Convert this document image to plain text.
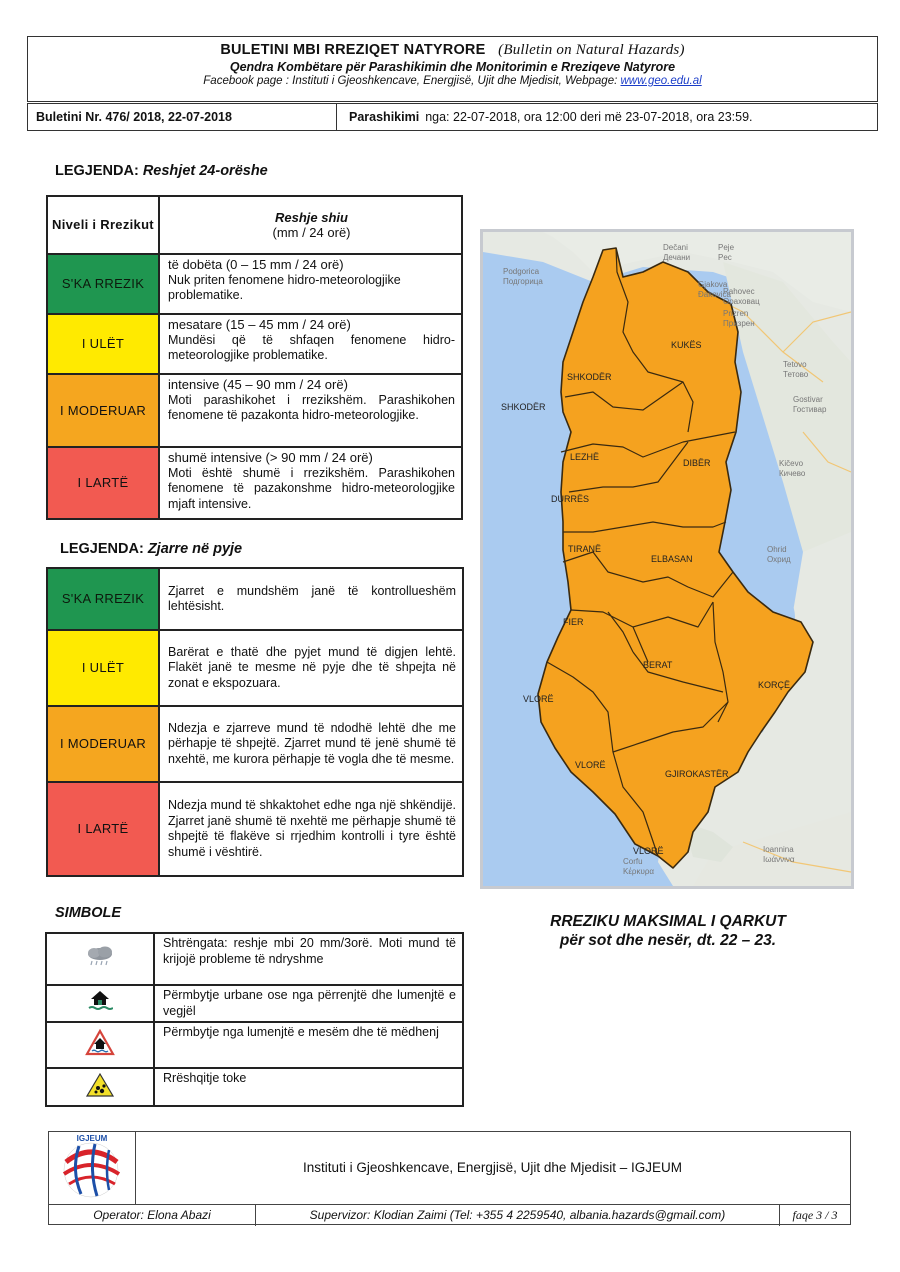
BULETINI MBI RREZIQET NATYRORE (Bulletin on Natural Hazards)
Qendra Kombëtare për Parashikimin dhe Monitorimin e Rreziqeve Natyrore
Facebook page : Instituti i Gjeoshkencave, Energjisë, Ujit dhe Mjedisit, Webpage: www.geo.edu.al
Buletini Nr. 476/ 2018, 22-07-2018	Parashikimi nga: 22-07-2018, ora 12:00 deri më 23-07-2018, ora 23:59.
LEGJENDA: Reshjet 24-orëshe
Niveli i Rrezikut	Reshje shiu
(mm / 24 orë)

S'KA RREZIK	të dobëta (0 – 15 mm / 24 orë)
Nuk priten fenomene hidro-meteorologjike problematike.

I ULËT	mesatare (15 – 45 mm / 24 orë)
Mundësi që të shfaqen fenomene hidro-meteorologjike problematike.

I MODERUAR	intensive (45 – 90 mm / 24 orë)
Moti parashikohet i rrezikshëm. Parashikohen fenomene të pazakonta hidro-meteorologjike.

I LARTË	shumë intensive (> 90 mm / 24 orë)
Moti është shumë i rrezikshëm. Parashikohen fenomene të pazakonshme hidro-meteorologjike mjaft intensive.
LEGJENDA: Zjarre në pyje
S'KA RREZIK	Zjarret e mundshëm janë të kontrollueshëm lehtësisht.
I ULËT	Barërat e thatë dhe pyjet mund të digjen lehtë. Flakët janë te mesme në pyje dhe të shpejta në zonat e ekspozuara.
I MODERUAR	Ndezja e zjarreve mund të ndodhë lehtë dhe me përhapje të shpejtë. Zjarret mund të jenë shumë të nxehtë, me kurora përhapje të vogla dhe të mesme.
I LARTË	Ndezja mund të shkaktohet edhe nga një shkëndijë. Zjarret janë shumë të nxehtë me përhapje shumë të shpejtë të flakëve si rrjedhim kontrolli i tyre është shumë i vështirë.
SIMBOLE
	Shtrëngata: reshje mbi 20 mm/3orë. Moti mund të krijojë probleme të ndryshme
	Përmbytje urbane ose nga përrenjtë dhe lumenjtë e vegjël
	Përmbytje nga lumenjtë e mesëm dhe të mëdhenj
	Rrëshqitje toke
SHKODËR
KUKËS
LEZHË
DIBËR
DURRËS
TIRANË
ELBASAN
FIER
BERAT
KORÇË
VLORË
GJIROKASTËR
SHKODËR
VLORË
VLORË
Podgorica
Подгорица	Gjakova
Đakovica
Rahovec
Ораховац
Prizren
Призрен
Tetovo
Тетово
Gostivar
Гостивар
Kičevo
Кичево
Ohrid
Охрид
Ioannina
Ιωάννινα
Corfu
Κέρκυρα
Dečani
Дечани
Peje
Pec
RREZIKU MAKSIMAL I QARKUT
për sot dhe nesër, dt. 22 – 23.
IGJEUM
Instituti i Gjeoshkencave, Energjisë, Ujit dhe Mjedisit – IGJEUM
Operator: Elona Abazi	Supervizor: Klodian Zaimi (Tel: +355 4 2259540, albania.hazards@gmail.com)	faqe 3 / 3
